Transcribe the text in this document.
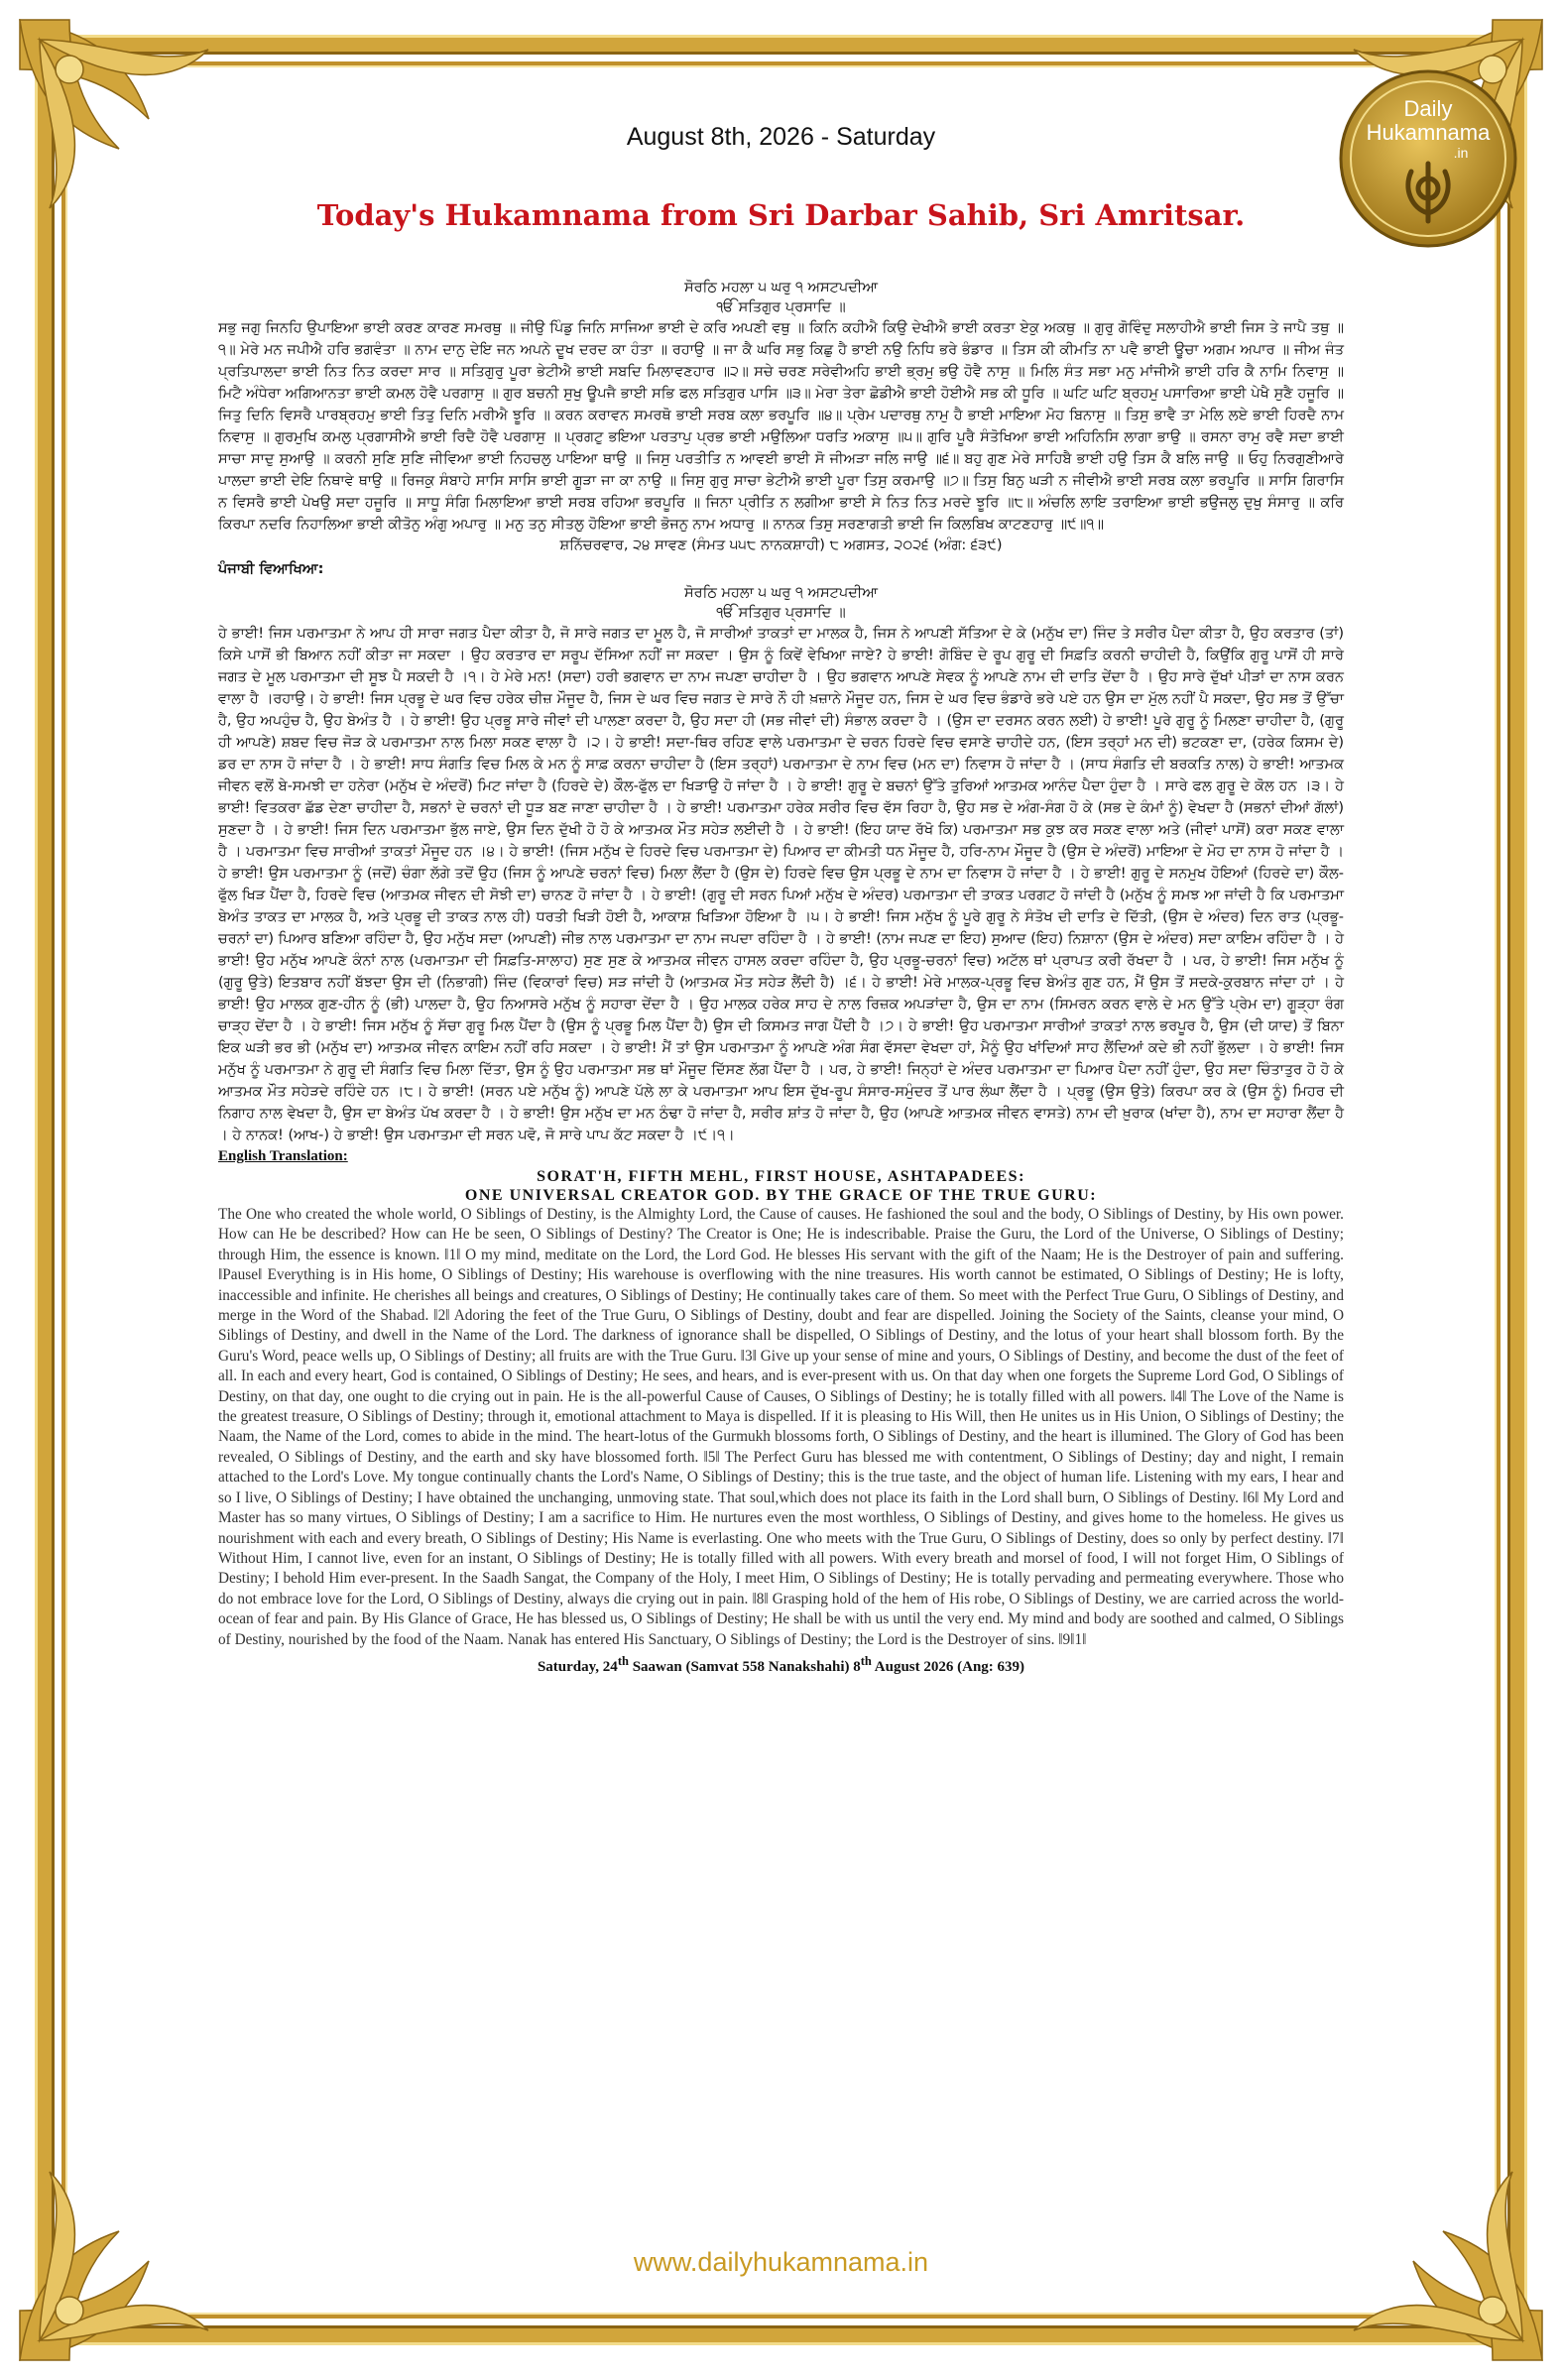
Daily
Hukamnama
.in
August 8th, 2026 - Saturday
Today's Hukamnama from Sri Darbar Sahib, Sri Amritsar.

ਸੋਰਠਿ ਮਹਲਾ ੫ ਘਰੁ ੧ ਅਸਟਪਦੀਆ

ੴ ਸਤਿਗੁਰ ਪ੍ਰਸਾਦਿ ॥

ਸਭੁ ਜਗੁ ਜਿਨਹਿ ਉਪਾਇਆ ਭਾਈ ਕਰਣ ਕਾਰਣ ਸਮਰਥੁ ॥ ਜੀਉ ਪਿੰਡੁ ਜਿਨਿ ਸਾਜਿਆ ਭਾਈ ਦੇ ਕਰਿ ਅਪਣੀ ਵਥੁ ॥ ਕਿਨਿ ਕਹੀਐ ਕਿਉ ਦੇਖੀਐ ਭਾਈ ਕਰਤਾ ਏਕੁ ਅਕਥੁ ॥ ਗੁਰੁ ਗੋਵਿੰਦੁ ਸਲਾਹੀਐ ਭਾਈ ਜਿਸ ਤੇ ਜਾਪੈ ਤਥੁ ॥੧॥ ਮੇਰੇ ਮਨ ਜਪੀਐ ਹਰਿ ਭਗਵੰਤਾ ॥ ਨਾਮ ਦਾਨੁ ਦੇਇ ਜਨ ਅਪਨੇ ਦੂਖ ਦਰਦ ਕਾ ਹੰਤਾ ॥ ਰਹਾਉ ॥ ਜਾ ਕੈ ਘਰਿ ਸਭੁ ਕਿਛੁ ਹੈ ਭਾਈ ਨਉ ਨਿਧਿ ਭਰੇ ਭੰਡਾਰ ॥ ਤਿਸ ਕੀ ਕੀਮਤਿ ਨਾ ਪਵੈ ਭਾਈ ਊਚਾ ਅਗਮ ਅਪਾਰ ॥ ਜੀਅ ਜੰਤ ਪ੍ਰਤਿਪਾਲਦਾ ਭਾਈ ਨਿਤ ਨਿਤ ਕਰਦਾ ਸਾਰ ॥ ਸਤਿਗੁਰੁ ਪੂਰਾ ਭੇਟੀਐ ਭਾਈ ਸਬਦਿ ਮਿਲਾਵਣਹਾਰ ॥੨॥ ਸਚੇ ਚਰਣ ਸਰੇਵੀਅਹਿ ਭਾਈ ਭ੍ਰਮੁ ਭਉ ਹੋਵੈ ਨਾਸੁ ॥ ਮਿਲਿ ਸੰਤ ਸਭਾ ਮਨੁ ਮਾਂਜੀਐ ਭਾਈ ਹਰਿ ਕੈ ਨਾਮਿ ਨਿਵਾਸੁ ॥ ਮਿਟੈ ਅੰਧੇਰਾ ਅਗਿਆਨਤਾ ਭਾਈ ਕਮਲ ਹੋਵੈ ਪਰਗਾਸੁ ॥ ਗੁਰ ਬਚਨੀ ਸੁਖੁ ਊਪਜੈ ਭਾਈ ਸਭਿ ਫਲ ਸਤਿਗੁਰ ਪਾਸਿ ॥੩॥ ਮੇਰਾ ਤੇਰਾ ਛੋਡੀਐ ਭਾਈ ਹੋਈਐ ਸਭ ਕੀ ਧੂਰਿ ॥ ਘਟਿ ਘਟਿ ਬ੍ਰਹਮੁ ਪਸਾਰਿਆ ਭਾਈ ਪੇਖੈ ਸੁਣੈ ਹਜੂਰਿ ॥ ਜਿਤੁ ਦਿਨਿ ਵਿਸਰੈ ਪਾਰਬ੍ਰਹਮੁ ਭਾਈ ਤਿਤੁ ਦਿਨਿ ਮਰੀਐ ਝੂਰਿ ॥ ਕਰਨ ਕਰਾਵਨ ਸਮਰਥੋ ਭਾਈ ਸਰਬ ਕਲਾ ਭਰਪੂਰਿ ॥੪॥ ਪ੍ਰੇਮ ਪਦਾਰਥੁ ਨਾਮੁ ਹੈ ਭਾਈ ਮਾਇਆ ਮੋਹ ਬਿਨਾਸੁ ॥ ਤਿਸੁ ਭਾਵੈ ਤਾ ਮੇਲਿ ਲਏ ਭਾਈ ਹਿਰਦੈ ਨਾਮ ਨਿਵਾਸੁ ॥ ਗੁਰਮੁਖਿ ਕਮਲੁ ਪ੍ਰਗਾਸੀਐ ਭਾਈ ਰਿਦੈ ਹੋਵੈ ਪਰਗਾਸੁ ॥ ਪ੍ਰਗਟੁ ਭਇਆ ਪਰਤਾਪੁ ਪ੍ਰਭ ਭਾਈ ਮਉਲਿਆ ਧਰਤਿ ਅਕਾਸੁ ॥੫॥ ਗੁਰਿ ਪੂਰੈ ਸੰਤੋਖਿਆ ਭਾਈ ਅਹਿਨਿਸਿ ਲਾਗਾ ਭਾਉ ॥ ਰਸਨਾ ਰਾਮੁ ਰਵੈ ਸਦਾ ਭਾਈ ਸਾਚਾ ਸਾਦੁ ਸੁਆਉ ॥ ਕਰਨੀ ਸੁਣਿ ਸੁਣਿ ਜੀਵਿਆ ਭਾਈ ਨਿਹਚਲੁ ਪਾਇਆ ਥਾਉ ॥ ਜਿਸੁ ਪਰਤੀਤਿ ਨ ਆਵਈ ਭਾਈ ਸੋ ਜੀਅੜਾ ਜਲਿ ਜਾਉ ॥੬॥ ਬਹੁ ਗੁਣ ਮੇਰੇ ਸਾਹਿਬੈ ਭਾਈ ਹਉ ਤਿਸ ਕੈ ਬਲਿ ਜਾਉ ॥ ਓਹੁ ਨਿਰਗੁਣੀਆਰੇ ਪਾਲਦਾ ਭਾਈ ਦੇਇ ਨਿਥਾਵੇ ਥਾਉ ॥ ਰਿਜਕੁ ਸੰਬਾਹੇ ਸਾਸਿ ਸਾਸਿ ਭਾਈ ਗੂੜਾ ਜਾ ਕਾ ਨਾਉ ॥ ਜਿਸੁ ਗੁਰੁ ਸਾਚਾ ਭੇਟੀਐ ਭਾਈ ਪੂਰਾ ਤਿਸੁ ਕਰਮਾਉ ॥੭॥ ਤਿਸੁ ਬਿਨੁ ਘੜੀ ਨ ਜੀਵੀਐ ਭਾਈ ਸਰਬ ਕਲਾ ਭਰਪੂਰਿ ॥ ਸਾਸਿ ਗਿਰਾਸਿ ਨ ਵਿਸਰੈ ਭਾਈ ਪੇਖਉ ਸਦਾ ਹਜੂਰਿ ॥ ਸਾਧੂ ਸੰਗਿ ਮਿਲਾਇਆ ਭਾਈ ਸਰਬ ਰਹਿਆ ਭਰਪੂਰਿ ॥ ਜਿਨਾ ਪ੍ਰੀਤਿ ਨ ਲਗੀਆ ਭਾਈ ਸੇ ਨਿਤ ਨਿਤ ਮਰਦੇ ਝੂਰਿ ॥੮॥ ਅੰਚਲਿ ਲਾਇ ਤਰਾਇਆ ਭਾਈ ਭਉਜਲੁ ਦੁਖੁ ਸੰਸਾਰੁ ॥ ਕਰਿ ਕਿਰਪਾ ਨਦਰਿ ਨਿਹਾਲਿਆ ਭਾਈ ਕੀਤੋਨੁ ਅੰਗੁ ਅਪਾਰੁ ॥ ਮਨੁ ਤਨੁ ਸੀਤਲੁ ਹੋਇਆ ਭਾਈ ਭੋਜਨੁ ਨਾਮ ਅਧਾਰੁ ॥ ਨਾਨਕ ਤਿਸੁ ਸਰਣਾਗਤੀ ਭਾਈ ਜਿ ਕਿਲਬਿਖ ਕਾਟਣਹਾਰੁ ॥੯॥੧॥

ਸ਼ਨਿੱਚਰਵਾਰ, ੨੪ ਸਾਵਣ (ਸੰਮਤ ੫੫੮ ਨਾਨਕਸ਼ਾਹੀ) ੮ ਅਗਸਤ, ੨੦੨੬ (ਅੰਗ: ੬੩੯)

ਪੰਜਾਬੀ ਵਿਆਖਿਆ:

ਸੋਰਠਿ ਮਹਲਾ ੫ ਘਰੁ ੧ ਅਸਟਪਦੀਆ

ੴ ਸਤਿਗੁਰ ਪ੍ਰਸਾਦਿ ॥

ਹੇ ਭਾਈ! ਜਿਸ ਪਰਮਾਤਮਾ ਨੇ ਆਪ ਹੀ ਸਾਰਾ ਜਗਤ ਪੈਦਾ ਕੀਤਾ ਹੈ, ਜੋ ਸਾਰੇ ਜਗਤ ਦਾ ਮੂਲ ਹੈ, ਜੋ ਸਾਰੀਆਂ ਤਾਕਤਾਂ ਦਾ ਮਾਲਕ ਹੈ, ਜਿਸ ਨੇ ਆਪਣੀ ਸੱਤਿਆ ਦੇ ਕੇ (ਮਨੁੱਖ ਦਾ) ਜਿੰਦ ਤੇ ਸਰੀਰ ਪੈਦਾ ਕੀਤਾ ਹੈ, ਉਹ ਕਰਤਾਰ (ਤਾਂ) ਕਿਸੇ ਪਾਸੋਂ ਭੀ ਬਿਆਨ ਨਹੀਂ ਕੀਤਾ ਜਾ ਸਕਦਾ । ਉਹ ਕਰਤਾਰ ਦਾ ਸਰੂਪ ਦੱਸਿਆ ਨਹੀਂ ਜਾ ਸਕਦਾ । ਉਸ ਨੂੰ ਕਿਵੇਂ ਵੇਖਿਆ ਜਾਏ? ਹੇ ਭਾਈ! ਗੋਬਿੰਦ ਦੇ ਰੂਪ ਗੁਰੂ ਦੀ ਸਿਫ਼ਤਿ ਕਰਨੀ ਚਾਹੀਦੀ ਹੈ, ਕਿਉਂਕਿ ਗੁਰੂ ਪਾਸੋਂ ਹੀ ਸਾਰੇ ਜਗਤ ਦੇ ਮੂਲ ਪਰਮਾਤਮਾ ਦੀ ਸੂਝ ਪੈ ਸਕਦੀ ਹੈ ।੧। ਹੇ ਮੇਰੇ ਮਨ! (ਸਦਾ) ਹਰੀ ਭਗਵਾਨ ਦਾ ਨਾਮ ਜਪਣਾ ਚਾਹੀਦਾ ਹੈ । ਉਹ ਭਗਵਾਨ ਆਪਣੇ ਸੇਵਕ ਨੂੰ ਆਪਣੇ ਨਾਮ ਦੀ ਦਾਤਿ ਦੇਂਦਾ ਹੈ । ਉਹ ਸਾਰੇ ਦੁੱਖਾਂ ਪੀੜਾਂ ਦਾ ਨਾਸ ਕਰਨ ਵਾਲਾ ਹੈ ।ਰਹਾਉ। ਹੇ ਭਾਈ! ਜਿਸ ਪ੍ਰਭੂ ਦੇ ਘਰ ਵਿਚ ਹਰੇਕ ਚੀਜ਼ ਮੌਜੂਦ ਹੈ, ਜਿਸ ਦੇ ਘਰ ਵਿਚ ਜਗਤ ਦੇ ਸਾਰੇ ਨੌ ਹੀ ਖ਼ਜ਼ਾਨੇ ਮੌਜੂਦ ਹਨ, ਜਿਸ ਦੇ ਘਰ ਵਿਚ ਭੰਡਾਰੇ ਭਰੇ ਪਏ ਹਨ ਉਸ ਦਾ ਮੁੱਲ ਨਹੀਂ ਪੈ ਸਕਦਾ, ਉਹ ਸਭ ਤੋਂ ਉੱਚਾ ਹੈ, ਉਹ ਅਪਹੁੰਚ ਹੈ, ਉਹ ਬੇਅੰਤ ਹੈ । ਹੇ ਭਾਈ! ਉਹ ਪ੍ਰਭੂ ਸਾਰੇ ਜੀਵਾਂ ਦੀ ਪਾਲਣਾ ਕਰਦਾ ਹੈ, ਉਹ ਸਦਾ ਹੀ (ਸਭ ਜੀਵਾਂ ਦੀ) ਸੰਭਾਲ ਕਰਦਾ ਹੈ । (ਉਸ ਦਾ ਦਰਸਨ ਕਰਨ ਲਈ) ਹੇ ਭਾਈ! ਪੂਰੇ ਗੁਰੂ ਨੂੰ ਮਿਲਣਾ ਚਾਹੀਦਾ ਹੈ, (ਗੁਰੂ ਹੀ ਆਪਣੇ) ਸ਼ਬਦ ਵਿਚ ਜੋੜ ਕੇ ਪਰਮਾਤਮਾ ਨਾਲ ਮਿਲਾ ਸਕਣ ਵਾਲਾ ਹੈ ।੨। ਹੇ ਭਾਈ! ਸਦਾ-ਥਿਰ ਰਹਿਣ ਵਾਲੇ ਪਰਮਾਤਮਾ ਦੇ ਚਰਨ ਹਿਰਦੇ ਵਿਚ ਵਸਾਣੇ ਚਾਹੀਦੇ ਹਨ, (ਇਸ ਤਰ੍ਹਾਂ ਮਨ ਦੀ) ਭਟਕਣਾ ਦਾ, (ਹਰੇਕ ਕਿਸਮ ਦੇ) ਡਰ ਦਾ ਨਾਸ ਹੋ ਜਾਂਦਾ ਹੈ । ਹੇ ਭਾਈ! ਸਾਧ ਸੰਗਤਿ ਵਿਚ ਮਿਲ ਕੇ ਮਨ ਨੂੰ ਸਾਫ਼ ਕਰਨਾ ਚਾਹੀਦਾ ਹੈ (ਇਸ ਤਰ੍ਹਾਂ) ਪਰਮਾਤਮਾ ਦੇ ਨਾਮ ਵਿਚ (ਮਨ ਦਾ) ਨਿਵਾਸ ਹੋ ਜਾਂਦਾ ਹੈ । (ਸਾਧ ਸੰਗਤਿ ਦੀ ਬਰਕਤਿ ਨਾਲ) ਹੇ ਭਾਈ! ਆਤਮਕ ਜੀਵਨ ਵਲੋਂ ਬੇ-ਸਮਝੀ ਦਾ ਹਨੇਰਾ (ਮਨੁੱਖ ਦੇ ਅੰਦਰੋਂ) ਮਿਟ ਜਾਂਦਾ ਹੈ (ਹਿਰਦੇ ਦੇ) ਕੌਲ-ਫੁੱਲ ਦਾ ਖਿੜਾਉ ਹੋ ਜਾਂਦਾ ਹੈ । ਹੇ ਭਾਈ! ਗੁਰੂ ਦੇ ਬਚਨਾਂ ਉੱਤੇ ਤੁਰਿਆਂ ਆਤਮਕ ਆਨੰਦ ਪੈਦਾ ਹੁੰਦਾ ਹੈ । ਸਾਰੇ ਫਲ ਗੁਰੂ ਦੇ ਕੋਲ ਹਨ ।੩। ਹੇ ਭਾਈ! ਵਿਤਕਰਾ ਛੱਡ ਦੇਣਾ ਚਾਹੀਦਾ ਹੈ, ਸਭਨਾਂ ਦੇ ਚਰਨਾਂ ਦੀ ਧੂੜ ਬਣ ਜਾਣਾ ਚਾਹੀਦਾ ਹੈ । ਹੇ ਭਾਈ! ਪਰਮਾਤਮਾ ਹਰੇਕ ਸਰੀਰ ਵਿਚ ਵੱਸ ਰਿਹਾ ਹੈ, ਉਹ ਸਭ ਦੇ ਅੰਗ-ਸੰਗ ਹੋ ਕੇ (ਸਭ ਦੇ ਕੰਮਾਂ ਨੂੰ) ਵੇਖਦਾ ਹੈ (ਸਭਨਾਂ ਦੀਆਂ ਗੱਲਾਂ) ਸੁਣਦਾ ਹੈ । ਹੇ ਭਾਈ! ਜਿਸ ਦਿਨ ਪਰਮਾਤਮਾ ਭੁੱਲ ਜਾਏ, ਉਸ ਦਿਨ ਦੁੱਖੀ ਹੋ ਹੋ ਕੇ ਆਤਮਕ ਮੌਤ ਸਹੇੜ ਲਈਦੀ ਹੈ । ਹੇ ਭਾਈ! (ਇਹ ਯਾਦ ਰੱਖੋ ਕਿ) ਪਰਮਾਤਮਾ ਸਭ ਕੁਝ ਕਰ ਸਕਣ ਵਾਲਾ ਅਤੇ (ਜੀਵਾਂ ਪਾਸੋਂ) ਕਰਾ ਸਕਣ ਵਾਲਾ ਹੈ । ਪਰਮਾਤਮਾ ਵਿਚ ਸਾਰੀਆਂ ਤਾਕਤਾਂ ਮੌਜੂਦ ਹਨ ।੪। ਹੇ ਭਾਈ! (ਜਿਸ ਮਨੁੱਖ ਦੇ ਹਿਰਦੇ ਵਿਚ ਪਰਮਾਤਮਾ ਦੇ) ਪਿਆਰ ਦਾ ਕੀਮਤੀ ਧਨ ਮੌਜੂਦ ਹੈ, ਹਰਿ-ਨਾਮ ਮੌਜੂਦ ਹੈ (ਉਸ ਦੇ ਅੰਦਰੋਂ) ਮਾਇਆ ਦੇ ਮੋਹ ਦਾ ਨਾਸ ਹੋ ਜਾਂਦਾ ਹੈ । ਹੇ ਭਾਈ! ਉਸ ਪਰਮਾਤਮਾ ਨੂੰ (ਜਦੋਂ) ਚੰਗਾ ਲੱਗੇ ਤਦੋਂ ਉਹ (ਜਿਸ ਨੂੰ ਆਪਣੇ ਚਰਨਾਂ ਵਿਚ) ਮਿਲਾ ਲੈਂਦਾ ਹੈ (ਉਸ ਦੇ) ਹਿਰਦੇ ਵਿਚ ਉਸ ਪ੍ਰਭੂ ਦੇ ਨਾਮ ਦਾ ਨਿਵਾਸ ਹੋ ਜਾਂਦਾ ਹੈ । ਹੇ ਭਾਈ! ਗੁਰੂ ਦੇ ਸਨਮੁਖ ਹੋਇਆਂ (ਹਿਰਦੇ ਦਾ) ਕੌਲ-ਫੁੱਲ ਖਿੜ ਪੈਂਦਾ ਹੈ, ਹਿਰਦੇ ਵਿਚ (ਆਤਮਕ ਜੀਵਨ ਦੀ ਸੋਝੀ ਦਾ) ਚਾਨਣ ਹੋ ਜਾਂਦਾ ਹੈ । ਹੇ ਭਾਈ! (ਗੁਰੂ ਦੀ ਸਰਨ ਪਿਆਂ ਮਨੁੱਖ ਦੇ ਅੰਦਰ) ਪਰਮਾਤਮਾ ਦੀ ਤਾਕਤ ਪਰਗਟ ਹੋ ਜਾਂਦੀ ਹੈ (ਮਨੁੱਖ ਨੂੰ ਸਮਝ ਆ ਜਾਂਦੀ ਹੈ ਕਿ ਪਰਮਾਤਮਾ ਬੇਅੰਤ ਤਾਕਤ ਦਾ ਮਾਲਕ ਹੈ, ਅਤੇ ਪ੍ਰਭੂ ਦੀ ਤਾਕਤ ਨਾਲ ਹੀ) ਧਰਤੀ ਖਿੜੀ ਹੋਈ ਹੈ, ਆਕਾਸ਼ ਖਿੜਿਆ ਹੋਇਆ ਹੈ ।੫। ਹੇ ਭਾਈ! ਜਿਸ ਮਨੁੱਖ ਨੂੰ ਪੂਰੇ ਗੁਰੂ ਨੇ ਸੰਤੋਖ ਦੀ ਦਾਤਿ ਦੇ ਦਿੱਤੀ, (ਉਸ ਦੇ ਅੰਦਰ) ਦਿਨ ਰਾਤ (ਪ੍ਰਭੂ-ਚਰਨਾਂ ਦਾ) ਪਿਆਰ ਬਣਿਆ ਰਹਿੰਦਾ ਹੈ, ਉਹ ਮਨੁੱਖ ਸਦਾ (ਆਪਣੀ) ਜੀਭ ਨਾਲ ਪਰਮਾਤਮਾ ਦਾ ਨਾਮ ਜਪਦਾ ਰਹਿੰਦਾ ਹੈ । ਹੇ ਭਾਈ! (ਨਾਮ ਜਪਣ ਦਾ ਇਹ) ਸੁਆਦ (ਇਹ) ਨਿਸ਼ਾਨਾ (ਉਸ ਦੇ ਅੰਦਰ) ਸਦਾ ਕਾਇਮ ਰਹਿੰਦਾ ਹੈ । ਹੇ ਭਾਈ! ਉਹ ਮਨੁੱਖ ਆਪਣੇ ਕੰਨਾਂ ਨਾਲ (ਪਰਮਾਤਮਾ ਦੀ ਸਿਫ਼ਤਿ-ਸਾਲਾਹ) ਸੁਣ ਸੁਣ ਕੇ ਆਤਮਕ ਜੀਵਨ ਹਾਸਲ ਕਰਦਾ ਰਹਿੰਦਾ ਹੈ, ਉਹ ਪ੍ਰਭੂ-ਚਰਨਾਂ ਵਿਚ) ਅਟੱਲ ਥਾਂ ਪ੍ਰਾਪਤ ਕਰੀ ਰੱਖਦਾ ਹੈ । ਪਰ, ਹੇ ਭਾਈ! ਜਿਸ ਮਨੁੱਖ ਨੂੰ (ਗੁਰੂ ਉਤੇ) ਇਤਬਾਰ ਨਹੀਂ ਬੱਝਦਾ ਉਸ ਦੀ (ਨਿਭਾਗੀ) ਜਿੰਦ (ਵਿਕਾਰਾਂ ਵਿਚ) ਸੜ ਜਾਂਦੀ ਹੈ (ਆਤਮਕ ਮੌਤ ਸਹੇੜ ਲੈਂਦੀ ਹੈ) ।੬। ਹੇ ਭਾਈ! ਮੇਰੇ ਮਾਲਕ-ਪ੍ਰਭੂ ਵਿਚ ਬੇਅੰਤ ਗੁਣ ਹਨ, ਮੈਂ ਉਸ ਤੋਂ ਸਦਕੇ-ਕੁਰਬਾਨ ਜਾਂਦਾ ਹਾਂ । ਹੇ ਭਾਈ! ਉਹ ਮਾਲਕ ਗੁਣ-ਹੀਨ ਨੂੰ (ਭੀ) ਪਾਲਦਾ ਹੈ, ਉਹ ਨਿਆਸਰੇ ਮਨੁੱਖ ਨੂੰ ਸਹਾਰਾ ਦੇਂਦਾ ਹੈ । ਉਹ ਮਾਲਕ ਹਰੇਕ ਸਾਹ ਦੇ ਨਾਲ ਰਿਜ਼ਕ ਅਪੜਾਂਦਾ ਹੈ, ਉਸ ਦਾ ਨਾਮ (ਸਿਮਰਨ ਕਰਨ ਵਾਲੇ ਦੇ ਮਨ ਉੱਤੇ ਪ੍ਰੇਮ ਦਾ) ਗੂੜ੍ਹਾ ਰੰਗ ਚਾੜ੍ਹ ਦੇਂਦਾ ਹੈ । ਹੇ ਭਾਈ! ਜਿਸ ਮਨੁੱਖ ਨੂੰ ਸੱਚਾ ਗੁਰੂ ਮਿਲ ਪੈਂਦਾ ਹੈ (ਉਸ ਨੂੰ ਪ੍ਰਭੂ ਮਿਲ ਪੈਂਦਾ ਹੈ) ਉਸ ਦੀ ਕਿਸਮਤ ਜਾਗ ਪੈਂਦੀ ਹੈ ।੭। ਹੇ ਭਾਈ! ਉਹ ਪਰਮਾਤਮਾ ਸਾਰੀਆਂ ਤਾਕਤਾਂ ਨਾਲ ਭਰਪੂਰ ਹੈ, ਉਸ (ਦੀ ਯਾਦ) ਤੋਂ ਬਿਨਾ ਇਕ ਘੜੀ ਭਰ ਭੀ (ਮਨੁੱਖ ਦਾ) ਆਤਮਕ ਜੀਵਨ ਕਾਇਮ ਨਹੀਂ ਰਹਿ ਸਕਦਾ । ਹੇ ਭਾਈ! ਮੈਂ ਤਾਂ ਉਸ ਪਰਮਾਤਮਾ ਨੂੰ ਆਪਣੇ ਅੰਗ ਸੰਗ ਵੱਸਦਾ ਵੇਖਦਾ ਹਾਂ, ਮੈਨੂੰ ਉਹ ਖਾਂਦਿਆਂ ਸਾਹ ਲੈਂਦਿਆਂ ਕਦੇ ਭੀ ਨਹੀਂ ਭੁੱਲਦਾ । ਹੇ ਭਾਈ! ਜਿਸ ਮਨੁੱਖ ਨੂੰ ਪਰਮਾਤਮਾ ਨੇ ਗੁਰੂ ਦੀ ਸੰਗਤਿ ਵਿਚ ਮਿਲਾ ਦਿੱਤਾ, ਉਸ ਨੂੰ ਉਹ ਪਰਮਾਤਮਾ ਸਭ ਥਾਂ ਮੌਜੂਦ ਦਿੱਸਣ ਲੱਗ ਪੈਂਦਾ ਹੈ । ਪਰ, ਹੇ ਭਾਈ! ਜਿਨ੍ਹਾਂ ਦੇ ਅੰਦਰ ਪਰਮਾਤਮਾ ਦਾ ਪਿਆਰ ਪੈਦਾ ਨਹੀਂ ਹੁੰਦਾ, ਉਹ ਸਦਾ ਚਿੰਤਾਤੁਰ ਹੋ ਹੋ ਕੇ ਆਤਮਕ ਮੌਤ ਸਹੇੜਦੇ ਰਹਿੰਦੇ ਹਨ ।੮। ਹੇ ਭਾਈ! (ਸਰਨ ਪਏ ਮਨੁੱਖ ਨੂੰ) ਆਪਣੇ ਪੱਲੇ ਲਾ ਕੇ ਪਰਮਾਤਮਾ ਆਪ ਇਸ ਦੁੱਖ-ਰੂਪ ਸੰਸਾਰ-ਸਮੁੰਦਰ ਤੋਂ ਪਾਰ ਲੰਘਾ ਲੈਂਦਾ ਹੈ । ਪ੍ਰਭੂ (ਉਸ ਉਤੇ) ਕਿਰਪਾ ਕਰ ਕੇ (ਉਸ ਨੂੰ) ਮਿਹਰ ਦੀ ਨਿਗਾਹ ਨਾਲ ਵੇਖਦਾ ਹੈ, ਉਸ ਦਾ ਬੇਅੰਤ ਪੱਖ ਕਰਦਾ ਹੈ । ਹੇ ਭਾਈ! ਉਸ ਮਨੁੱਖ ਦਾ ਮਨ ਠੰਢਾ ਹੋ ਜਾਂਦਾ ਹੈ, ਸਰੀਰ ਸ਼ਾਂਤ ਹੋ ਜਾਂਦਾ ਹੈ, ਉਹ (ਆਪਣੇ ਆਤਮਕ ਜੀਵਨ ਵਾਸਤੇ) ਨਾਮ ਦੀ ਖ਼ੁਰਾਕ (ਖਾਂਦਾ ਹੈ), ਨਾਮ ਦਾ ਸਹਾਰਾ ਲੈਂਦਾ ਹੈ । ਹੇ ਨਾਨਕ! (ਆਖ-) ਹੇ ਭਾਈ! ਉਸ ਪਰਮਾਤਮਾ ਦੀ ਸਰਨ ਪਵੋ, ਜੋ ਸਾਰੇ ਪਾਪ ਕੱਟ ਸਕਦਾ ਹੈ ।੯।੧।

English Translation:

SORAT'H, FIFTH MEHL, FIRST HOUSE, ASHTAPADEES:

ONE UNIVERSAL CREATOR GOD. BY THE GRACE OF THE TRUE GURU:

The One who created the whole world, O Siblings of Destiny, is the Almighty Lord, the Cause of causes. He fashioned the soul and the body, O Siblings of Destiny, by His own power. How can He be described? How can He be seen, O Siblings of Destiny? The Creator is One; He is indescribable. Praise the Guru, the Lord of the Universe, O Siblings of Destiny; through Him, the essence is known. ‖1‖ O my mind, meditate on the Lord, the Lord God. He blesses His servant with the gift of the Naam; He is the Destroyer of pain and suffering. ‖Pause‖ Everything is in His home, O Siblings of Destiny; His warehouse is overflowing with the nine treasures. His worth cannot be estimated, O Siblings of Destiny; He is lofty, inaccessible and infinite. He cherishes all beings and creatures, O Siblings of Destiny; He continually takes care of them. So meet with the Perfect True Guru, O Siblings of Destiny, and merge in the Word of the Shabad. ‖2‖ Adoring the feet of the True Guru, O Siblings of Destiny, doubt and fear are dispelled. Joining the Society of the Saints, cleanse your mind, O Siblings of Destiny, and dwell in the Name of the Lord. The darkness of ignorance shall be dispelled, O Siblings of Destiny, and the lotus of your heart shall blossom forth. By the Guru's Word, peace wells up, O Siblings of Destiny; all fruits are with the True Guru. ‖3‖ Give up your sense of mine and yours, O Siblings of Destiny, and become the dust of the feet of all. In each and every heart, God is contained, O Siblings of Destiny; He sees, and hears, and is ever-present with us. On that day when one forgets the Supreme Lord God, O Siblings of Destiny, on that day, one ought to die crying out in pain. He is the all-powerful Cause of Causes, O Siblings of Destiny; he is totally filled with all powers. ‖4‖ The Love of the Name is the greatest treasure, O Siblings of Destiny; through it, emotional attachment to Maya is dispelled. If it is pleasing to His Will, then He unites us in His Union, O Siblings of Destiny; the Naam, the Name of the Lord, comes to abide in the mind. The heart-lotus of the Gurmukh blossoms forth, O Siblings of Destiny, and the heart is illumined. The Glory of God has been revealed, O Siblings of Destiny, and the earth and sky have blossomed forth. ‖5‖ The Perfect Guru has blessed me with contentment, O Siblings of Destiny; day and night, I remain attached to the Lord's Love. My tongue continually chants the Lord's Name, O Siblings of Destiny; this is the true taste, and the object of human life. Listening with my ears, I hear and so I live, O Siblings of Destiny; I have obtained the unchanging, unmoving state. That soul,which does not place its faith in the Lord shall burn, O Siblings of Destiny. ‖6‖ My Lord and Master has so many virtues, O Siblings of Destiny; I am a sacrifice to Him. He nurtures even the most worthless, O Siblings of Destiny, and gives home to the homeless. He gives us nourishment with each and every breath, O Siblings of Destiny; His Name is everlasting. One who meets with the True Guru, O Siblings of Destiny, does so only by perfect destiny. ‖7‖ Without Him, I cannot live, even for an instant, O Siblings of Destiny; He is totally filled with all powers. With every breath and morsel of food, I will not forget Him, O Siblings of Destiny; I behold Him ever-present. In the Saadh Sangat, the Company of the Holy, I meet Him, O Siblings of Destiny; He is totally pervading and permeating everywhere. Those who do not embrace love for the Lord, O Siblings of Destiny, always die crying out in pain. ‖8‖ Grasping hold of the hem of His robe, O Siblings of Destiny, we are carried across the world-ocean of fear and pain. By His Glance of Grace, He has blessed us, O Siblings of Destiny; He shall be with us until the very end. My mind and body are soothed and calmed, O Siblings of Destiny, nourished by the food of the Naam. Nanak has entered His Sanctuary, O Siblings of Destiny; the Lord is the Destroyer of sins. ‖9‖1‖

Saturday, 24th Saawan (Samvat 558 Nanakshahi) 8th August 2026 (Ang: 639)

www.dailyhukamnama.in
